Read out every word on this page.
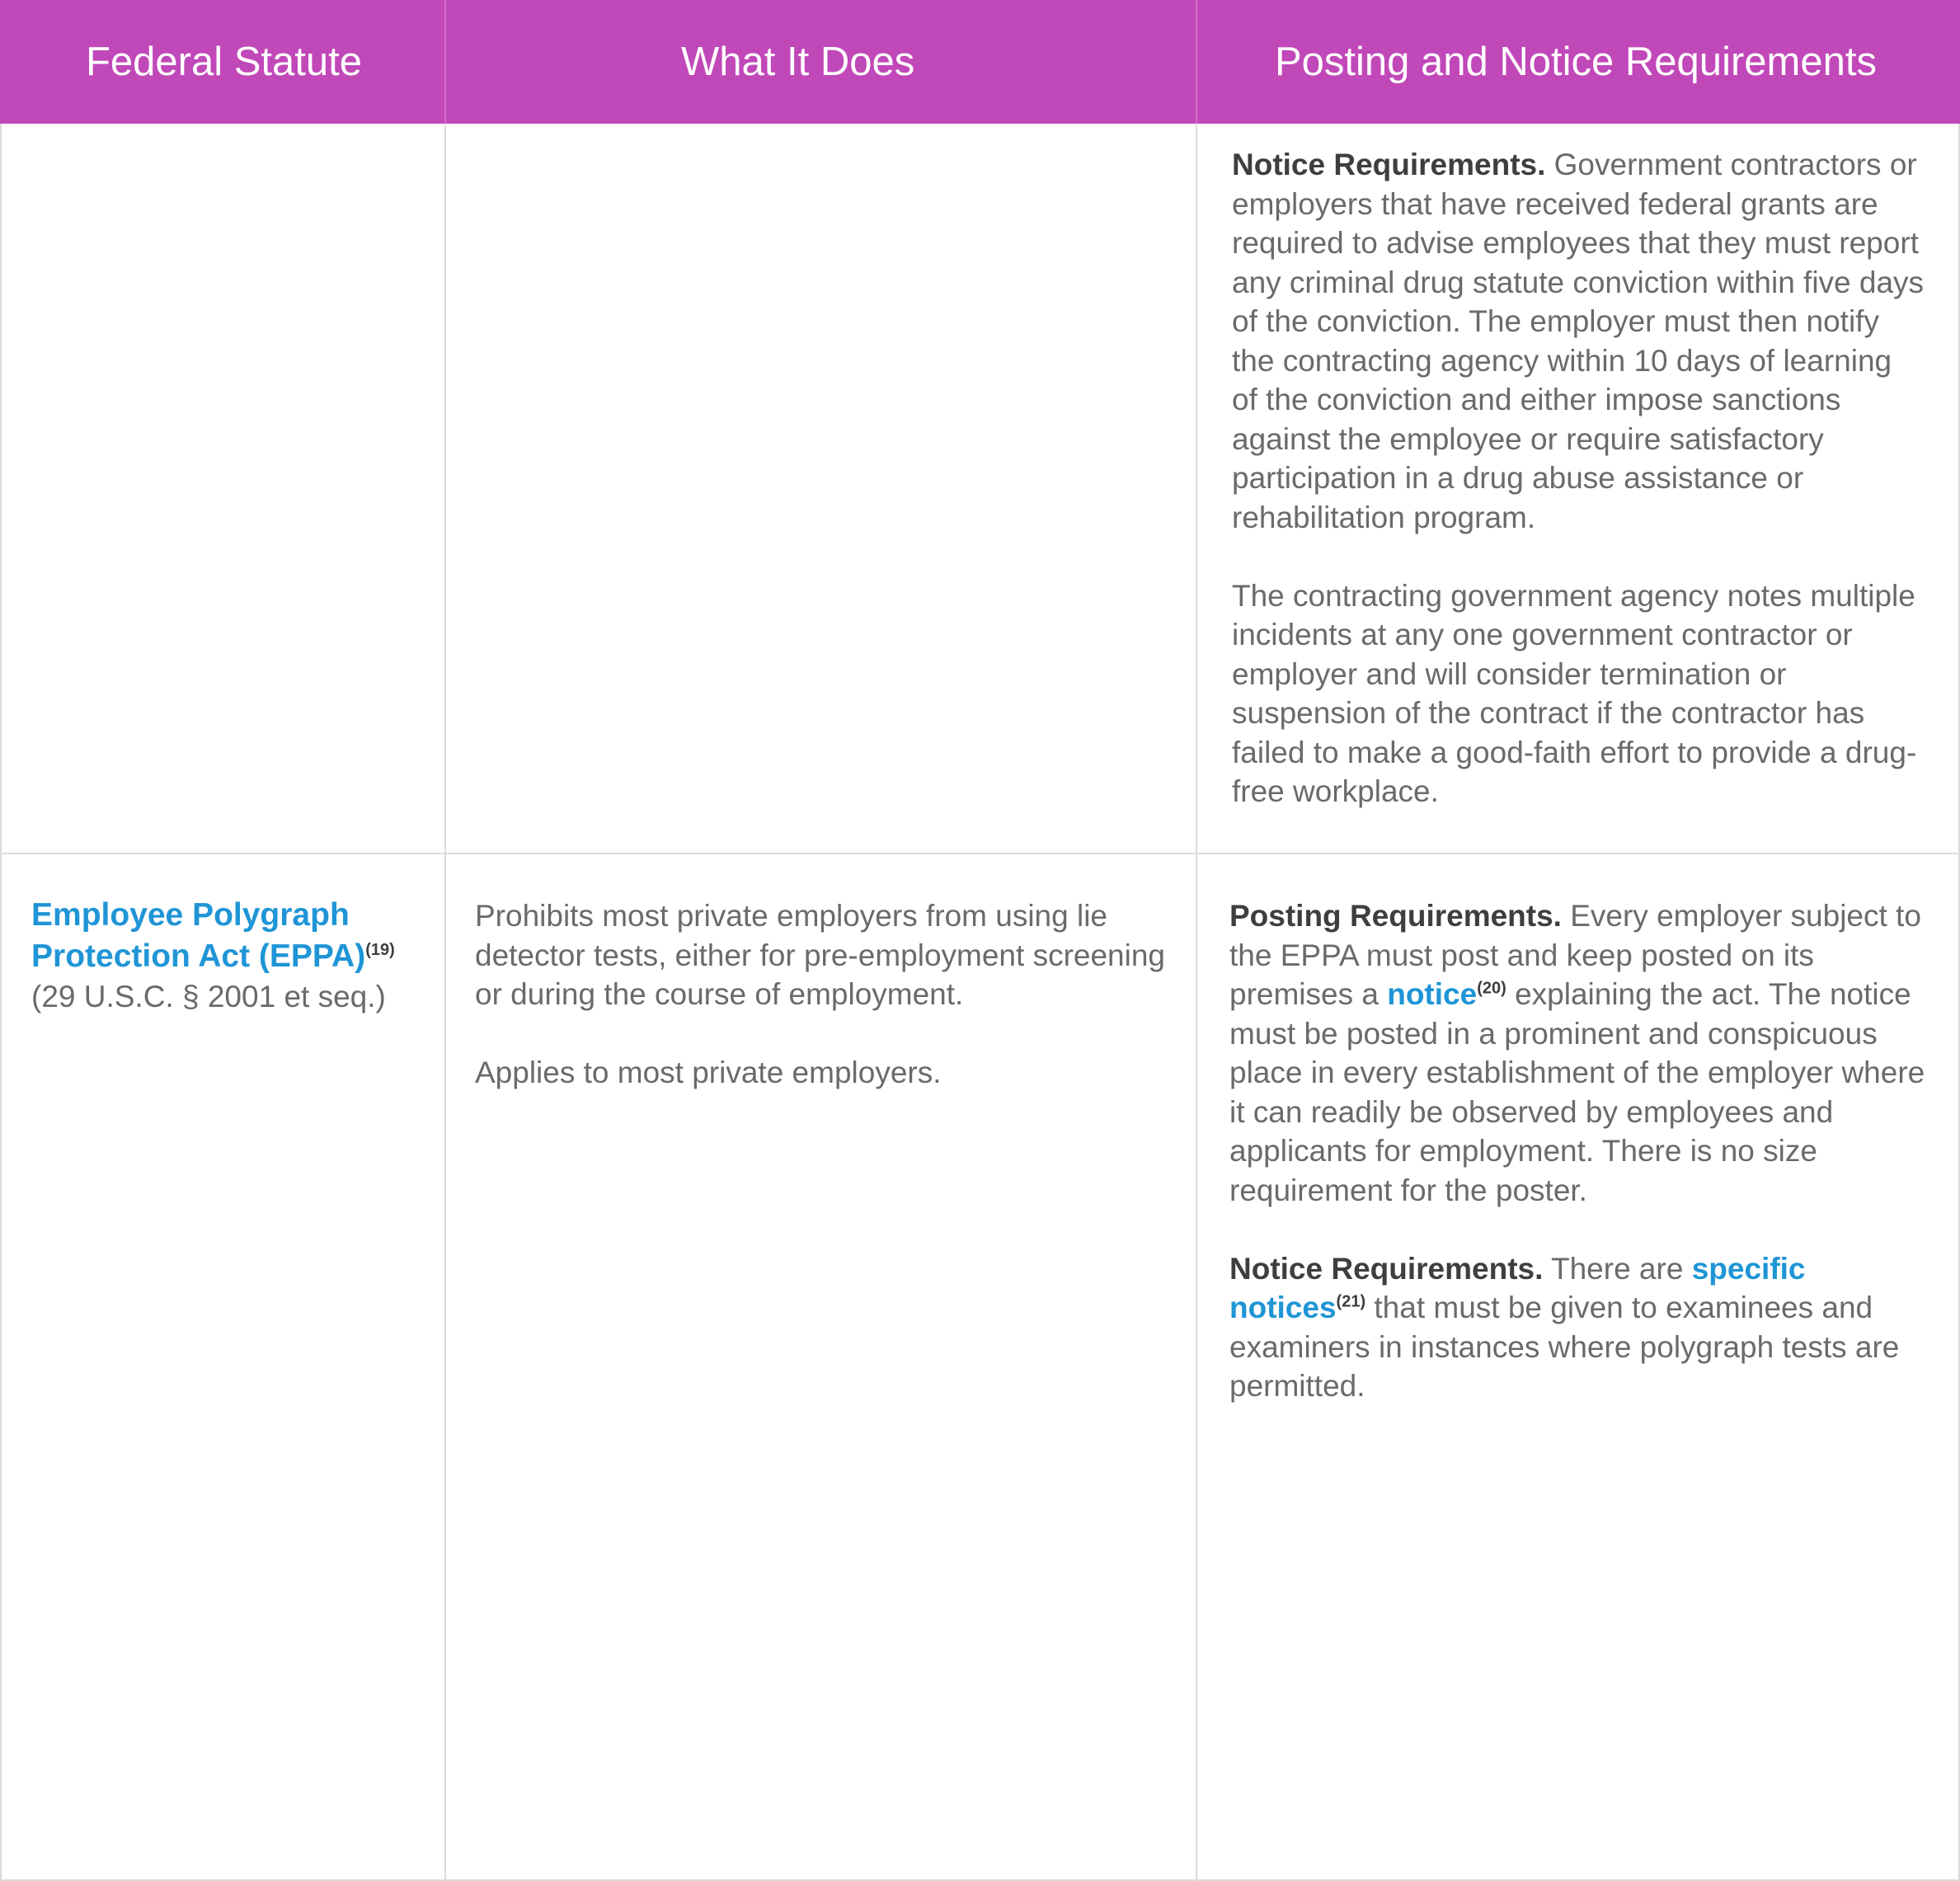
Federal Statute	What It Does	Posting and Notice Requirements

Notice Requirements. Government contractors or employers that have received federal grants are required to advise employees that they must report any criminal drug statute conviction within five days of the conviction. The employer must then notify the contracting agency within 10 days of learning of the conviction and either impose sanctions against the employee or require satisfactory participation in a drug abuse assistance or rehabilitation program.

The contracting government agency notes multiple incidents at any one government contractor or employer and will consider termination or suspension of the contract if the contractor has failed to make a good-faith effort to provide a drug-free workplace.

Employee Polygraph
Protection Act (EPPA)$^{(19)}$
(29 U.S.C. § 2001 et seq.)

Prohibits most private employers from using lie detector tests, either for pre-employment screening or during the course of employment.

Applies to most private employers.

Posting Requirements. Every employer subject to the EPPA must post and keep posted on its premises a notice$^{(20)}$ explaining the act. The notice must be posted in a prominent and conspicuous place in every establishment of the employer where it can readily be observed by employees and applicants for employment. There is no size requirement for the poster.

Notice Requirements. There are specific notices$^{(21)}$ that must be given to examinees and examiners in instances where polygraph tests are permitted.
